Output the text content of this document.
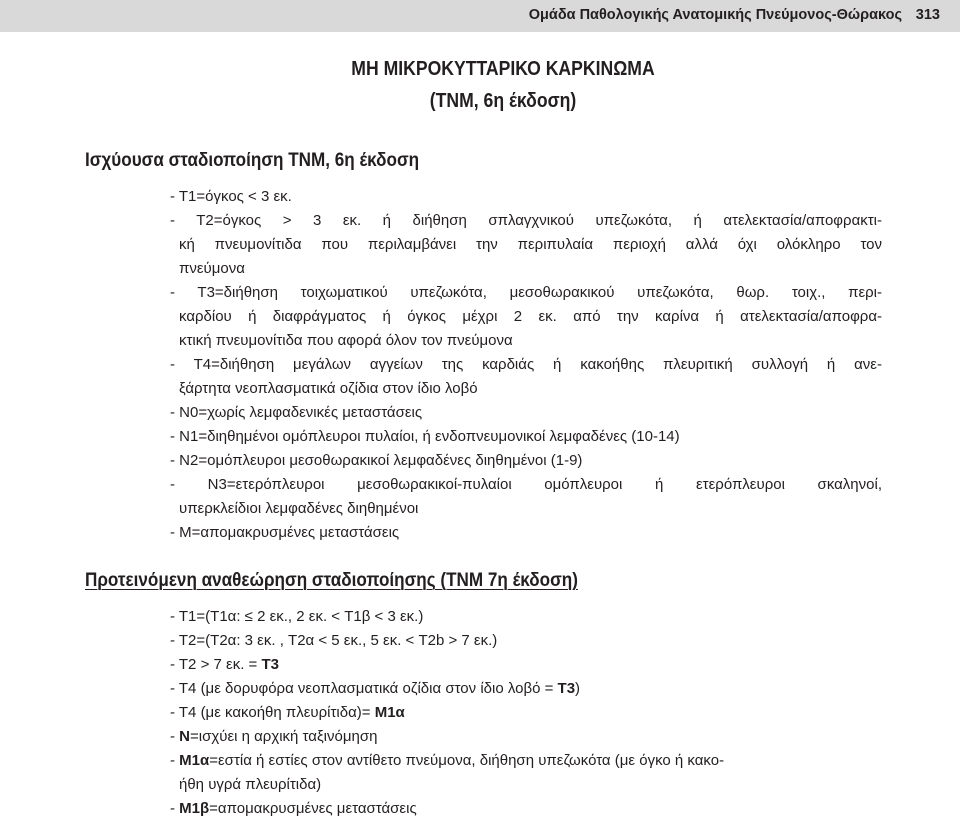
Ομάδα Παθολογικής Ανατομικής Πνεύμονος-Θώρακος 313
ΜΗ ΜΙΚΡΟΚΥΤΤΑΡΙΚΟ ΚΑΡΚΙΝΩΜΑ
(TNM, 6η έκδοση)
Ισχύουσα σταδιοποίηση TNM, 6η έκδοση
- T1=όγκος < 3 εκ.
- T2=όγκος > 3 εκ. ή διήθηση σπλαγχνικού υπεζωκότα, ή ατελεκτασία/αποφρακτι-
κή πνευμονίτιδα που περιλαμβάνει την περιπυλαία περιοχή αλλά όχι ολόκληρο τον
πνεύμονα
- T3=διήθηση τοιχωματικού υπεζωκότα, μεσοθωρακικού υπεζωκότα, θωρ. τοιχ., περι-
καρδίου ή διαφράγματος ή όγκος μέχρι 2 εκ. από την καρίνα ή ατελεκτασία/αποφρα-
κτική πνευμονίτιδα που αφορά όλον τον πνεύμονα
- T4=διήθηση μεγάλων αγγείων της καρδιάς ή κακοήθης πλευριτική συλλογή ή ανε-
ξάρτητα νεοπλασματικά οζίδια στον ίδιο λοβό
- N0=χωρίς λεμφαδενικές μεταστάσεις
- N1=διηθημένοι ομόπλευροι πυλαίοι, ή ενδοπνευμονικοί λεμφαδένες (10-14)
- N2=ομόπλευροι μεσοθωρακικοί λεμφαδένες διηθημένοι (1-9)
- N3=ετερόπλευροι μεσοθωρακικοί-πυλαίοι ομόπλευροι ή ετερόπλευροι σκαληνοί,
υπερκλείδιοι λεμφαδένες διηθημένοι
- M=απομακρυσμένες μεταστάσεις
Προτεινόμενη αναθεώρηση σταδιοποίησης (TNM 7η έκδοση)
- T1=(T1α: ≤ 2 εκ., 2 εκ. < T1β < 3 εκ.)
- T2=(T2α: 3 εκ. , T2α < 5 εκ., 5 εκ. < T2b > 7 εκ.)
- T2 > 7 εκ. = T3
- T4 (με δορυφόρα νεοπλασματικά οζίδια στον ίδιο λοβό = T3)
- T4 (με κακοήθη πλευρίτιδα)= M1α
- N=ισχύει η αρχική ταξινόμηση
- M1α=εστία ή εστίες στον αντίθετο πνεύμονα, διήθηση υπεζωκότα (με όγκο ή κακο-
ήθη υγρά πλευρίτιδα)
- M1β=απομακρυσμένες μεταστάσεις
